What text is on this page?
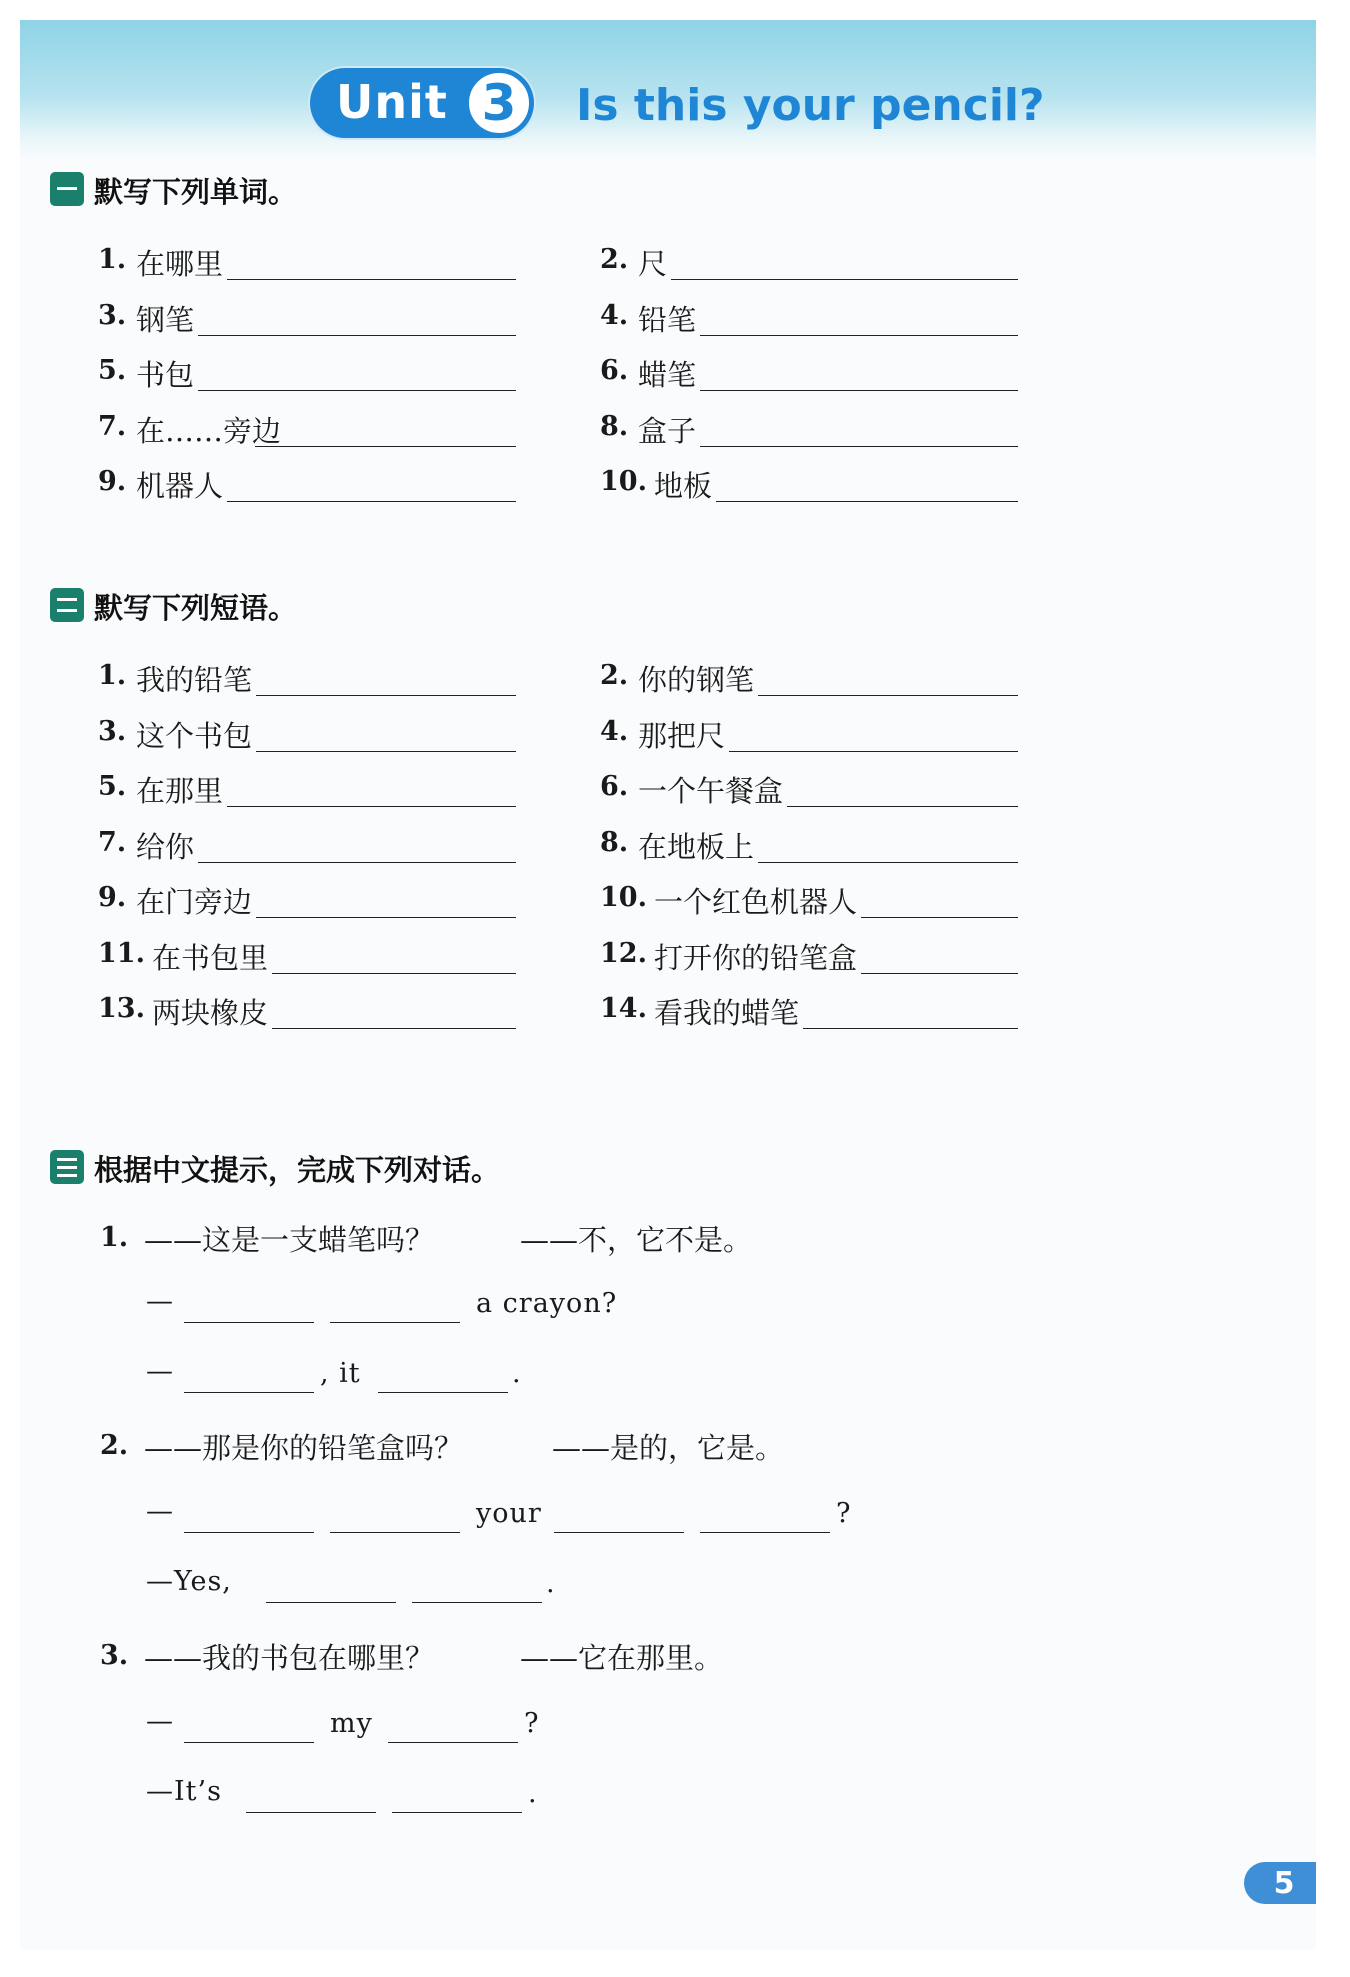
Unit 3	Is this your pencil?
默写下列单词。
1. 在哪里	2. 尺
3. 钢笔	4. 铅笔
5. 书包	6. 蜡笔
7. 在……旁边	8. 盒子
9. 机器人	10. 地板
默写下列短语。
1. 我的铅笔	2. 你的钢笔
3. 这个书包	4. 那把尺
5. 在那里	6. 一个午餐盒
7. 给你	8. 在地板上
9. 在门旁边	10. 一个红色机器人
11. 在书包里	12. 打开你的铅笔盒
13. 两块橡皮	14. 看我的蜡笔
根据中文提示，完成下列对话。
1. ——这是一支蜡笔吗？	——不，它不是。
—	a crayon?
—	, it	.
2. ——那是你的铅笔盒吗？	——是的，它是。
—	your	?
—Yes,	.
3. ——我的书包在哪里？	——它在那里。
—	my	?
—It’s	.
5
